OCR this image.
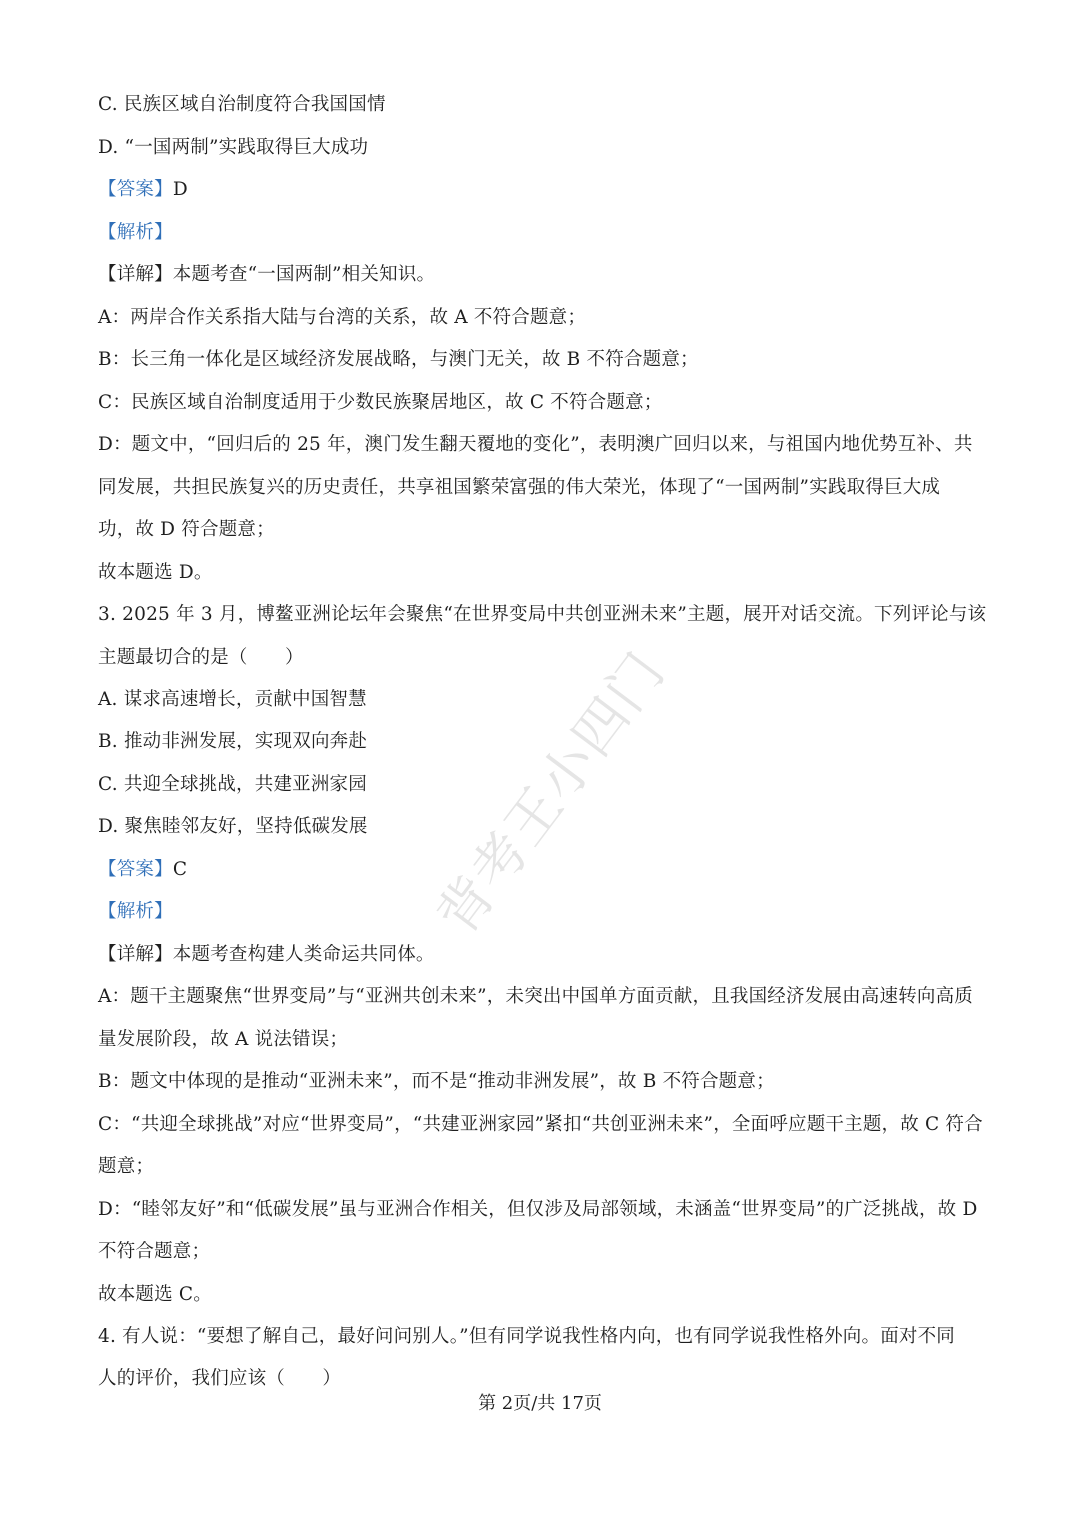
C. 民族区域自治制度符合我国国情
D. “一国两制”实践取得巨大成功
【答案】D
【解析】
【详解】本题考查“一国两制”相关知识。
A：两岸合作关系指大陆与台湾的关系，故 A 不符合题意；
B：长三角一体化是区域经济发展战略，与澳门无关，故 B 不符合题意；
C：民族区域自治制度适用于少数民族聚居地区，故 C 不符合题意；
D：题文中，“回归后的 25 年，澳门发生翻天覆地的变化”，表明澳广回归以来，与祖国内地优势互补、共
同发展，共担民族复兴的历史责任，共享祖国繁荣富强的伟大荣光，体现了“一国两制”实践取得巨大成
功，故 D 符合题意；
故本题选 D。
3. 2025 年 3 月，博鳌亚洲论坛年会聚焦“在世界变局中共创亚洲未来”主题，展开对话交流。下列评论与该
主题最切合的是（　　）
A. 谋求高速增长，贡献中国智慧
B. 推动非洲发展，实现双向奔赴
C. 共迎全球挑战，共建亚洲家园
D. 聚焦睦邻友好，坚持低碳发展
【答案】C
【解析】
【详解】本题考查构建人类命运共同体。
A：题干主题聚焦“世界变局”与“亚洲共创未来”，未突出中国单方面贡献，且我国经济发展由高速转向高质
量发展阶段，故 A 说法错误；
B：题文中体现的是推动“亚洲未来”，而不是“推动非洲发展”，故 B 不符合题意；
C：“共迎全球挑战”对应“世界变局”，“共建亚洲家园”紧扣“共创亚洲未来”，全面呼应题干主题，故 C 符合
题意；
D：“睦邻友好”和“低碳发展”虽与亚洲合作相关，但仅涉及局部领域，未涵盖“世界变局”的广泛挑战，故 D
不符合题意；
故本题选 C。
4. 有人说：“要想了解自己，最好问问别人。”但有同学说我性格内向，也有同学说我性格外向。面对不同
人的评价，我们应该（　　）
第 2页/共 17页
背考王小四门
